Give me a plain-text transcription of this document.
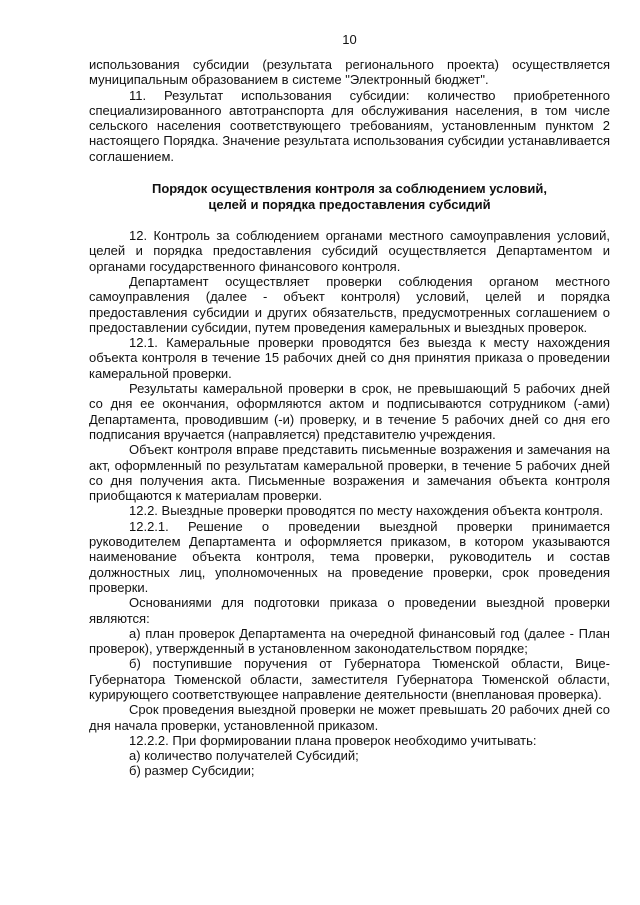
10

использования субсидии (результата регионального проекта) осуществляется муниципальным образованием в системе "Электронный бюджет".

11. Результат использования субсидии: количество приобретенного специализированного автотранспорта для обслуживания населения, в том числе сельского населения соответствующего требованиям, установленным пунктом 2 настоящего Порядка. Значение результата использования субсидии устанавливается соглашением.

Порядок осуществления контроля за соблюдением условий,
целей и порядка предоставления субсидий

12. Контроль за соблюдением органами местного самоуправления условий, целей и порядка предоставления субсидий осуществляется Департаментом и органами государственного финансового контроля.

Департамент осуществляет проверки соблюдения органом местного самоуправления (далее - объект контроля) условий, целей и порядка предоставления субсидии и других обязательств, предусмотренных соглашением о предоставлении субсидии, путем проведения камеральных и выездных проверок.

12.1. Камеральные проверки проводятся без выезда к месту нахождения объекта контроля в течение 15 рабочих дней со дня принятия приказа о проведении камеральной проверки.

Результаты камеральной проверки в срок, не превышающий 5 рабочих дней со дня ее окончания, оформляются актом и подписываются сотрудником (-ами) Департамента, проводившим (-и) проверку, и в течение 5 рабочих дней со дня его подписания вручается (направляется) представителю учреждения.

Объект контроля вправе представить письменные возражения и замечания на акт, оформленный по результатам камеральной проверки, в течение 5 рабочих дней со дня получения акта. Письменные возражения и замечания объекта контроля приобщаются к материалам проверки.

12.2. Выездные проверки проводятся по месту нахождения объекта контроля.

12.2.1. Решение о проведении выездной проверки принимается руководителем Департамента и оформляется приказом, в котором указываются наименование объекта контроля, тема проверки, руководитель и состав должностных лиц, уполномоченных на проведение проверки, срок проведения проверки.

Основаниями для подготовки приказа о проведении выездной проверки являются:

а) план проверок Департамента на очередной финансовый год (далее - План проверок), утвержденный в установленном законодательством порядке;

б) поступившие поручения от Губернатора Тюменской области, Вице-Губернатора Тюменской области, заместителя Губернатора Тюменской области, курирующего соответствующее направление деятельности (внеплановая проверка).

Срок проведения выездной проверки не может превышать 20 рабочих дней со дня начала проверки, установленной приказом.

12.2.2. При формировании плана проверок необходимо учитывать:

а) количество получателей Субсидий;

б) размер Субсидии;
